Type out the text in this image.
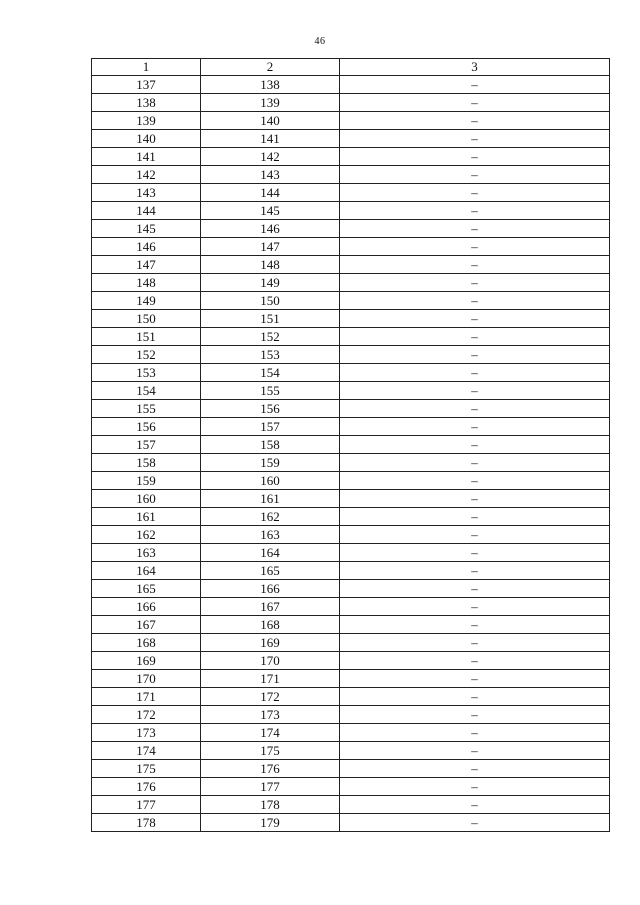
46
1	2	3
137	138	–
138	139	–
139	140	–
140	141	–
141	142	–
142	143	–
143	144	–
144	145	–
145	146	–
146	147	–
147	148	–
148	149	–
149	150	–
150	151	–
151	152	–
152	153	–
153	154	–
154	155	–
155	156	–
156	157	–
157	158	–
158	159	–
159	160	–
160	161	–
161	162	–
162	163	–
163	164	–
164	165	–
165	166	–
166	167	–
167	168	–
168	169	–
169	170	–
170	171	–
171	172	–
172	173	–
173	174	–
174	175	–
175	176	–
176	177	–
177	178	–
178	179	–
